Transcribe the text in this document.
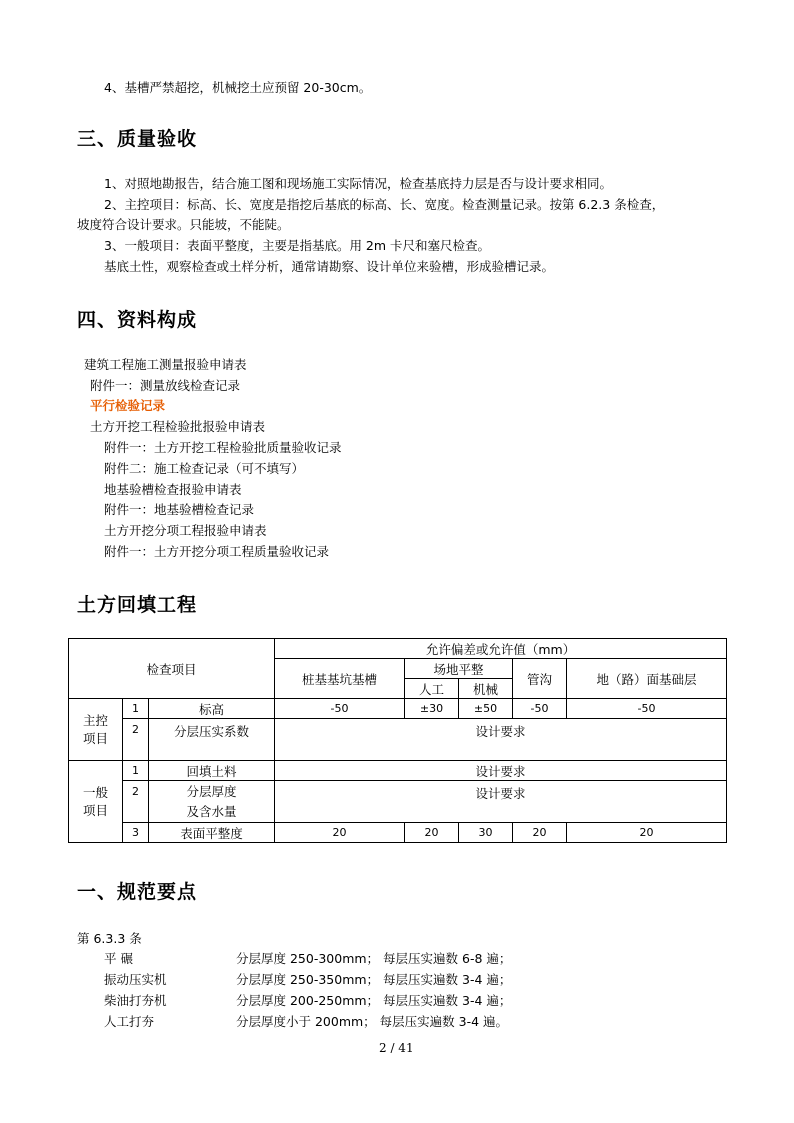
4、基槽严禁超挖，机械挖土应预留 20-30cm。
三、质量验收
1、对照地勘报告，结合施工图和现场施工实际情况，检查基底持力层是否与设计要求相同。
2、主控项目：标高、长、宽度是指挖后基底的标高、长、宽度。检查测量记录。按第 6.2.3 条检查，
坡度符合设计要求。只能坡，不能陡。
3、一般项目：表面平整度，主要是指基底。用 2m 卡尺和塞尺检查。
基底土性，观察检查或土样分析，通常请勘察、设计单位来验槽，形成验槽记录。
四、资料构成
建筑工程施工测量报验申请表
附件一：测量放线检查记录
平行检验记录
土方开挖工程检验批报验申请表
附件一：土方开挖工程检验批质量验收记录
附件二：施工检查记录（可不填写）
地基验槽检查报验申请表
附件一：地基验槽检查记录
土方开挖分项工程报验申请表
附件一：土方开挖分项工程质量验收记录
土方回填工程
检查项目			允许偏差或允许值（mm）				
			桩基基坑基槽	场地平整		管沟	地（路）面基础层
				人工	机械		
主控项目	1	标高	-50	±30	±50	-50	-50
	2	分层压实系数	设计要求				
一般项目	1	回填土料	设计要求				
	2	分层厚度
及含水量	设计要求				
	3	表面平整度	20	20	30	20	20
一、规范要点
第 6.3.3 条
平 碾	分层厚度 250-300mm； 每层压实遍数 6-8 遍；
振动压实机	分层厚度 250-350mm； 每层压实遍数 3-4 遍；
柴油打夯机	分层厚度 200-250mm； 每层压实遍数 3-4 遍；
人工打夯	分层厚度小于 200mm； 每层压实遍数 3-4 遍。
2 / 41
